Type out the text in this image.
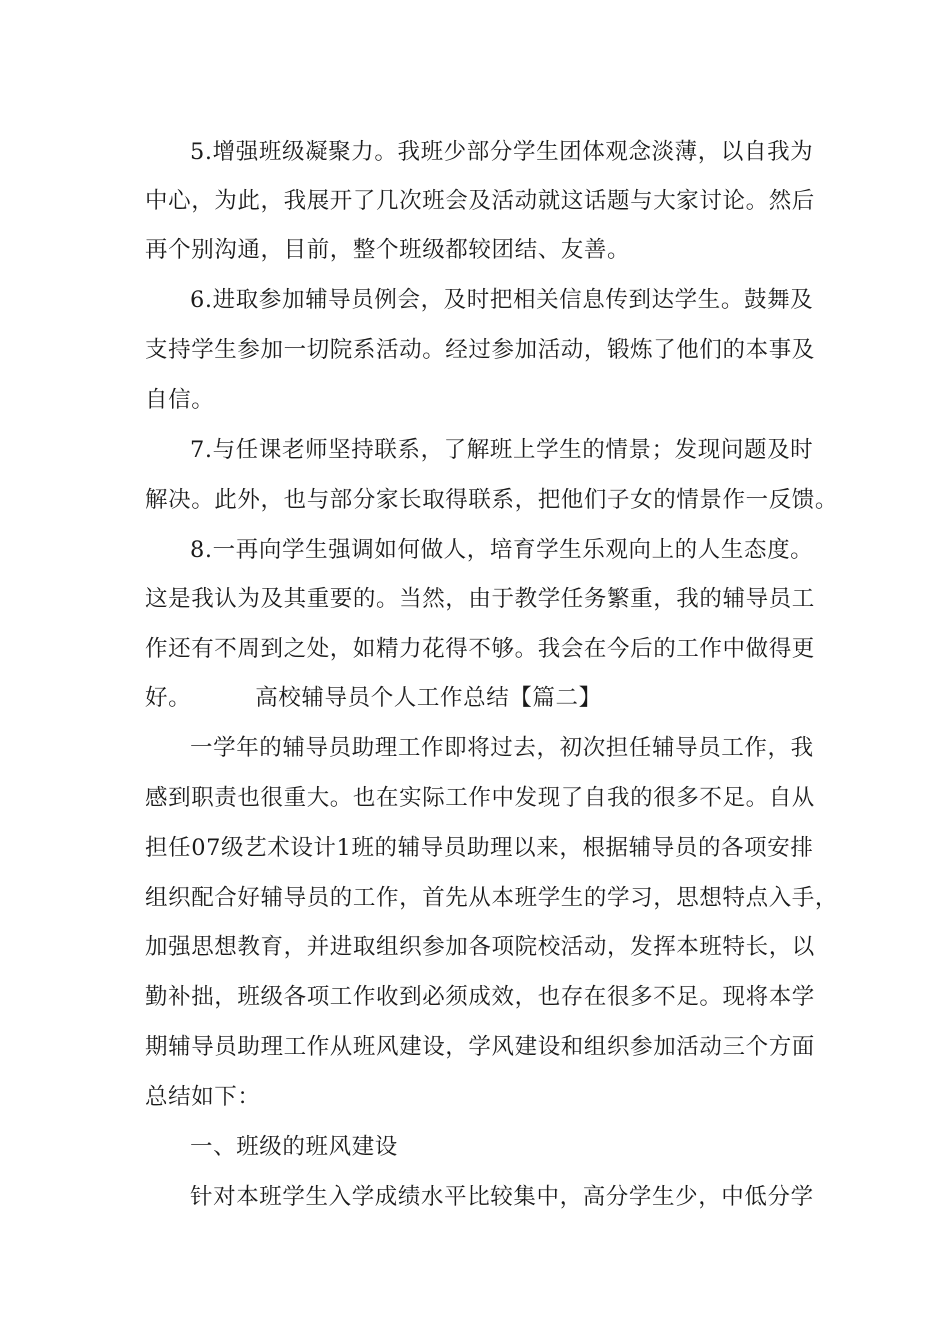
5.增强班级凝聚力。我班少部分学生团体观念淡薄，以自我为
中心，为此，我展开了几次班会及活动就这话题与大家讨论。然后
再个别沟通，目前，整个班级都较团结、友善。
6.进取参加辅导员例会，及时把相关信息传到达学生。鼓舞及
支持学生参加一切院系活动。经过参加活动，锻炼了他们的本事及
自信。
7.与任课老师坚持联系，了解班上学生的情景；发现问题及时
解决。此外，也与部分家长取得联系，把他们子女的情景作一反馈。
8.一再向学生强调如何做人，培育学生乐观向上的人生态度。
这是我认为及其重要的。当然，由于教学任务繁重，我的辅导员工
作还有不周到之处，如精力花得不够。我会在今后的工作中做得更
好。	高校辅导员个人工作总结【篇二】
一学年的辅导员助理工作即将过去，初次担任辅导员工作，我
感到职责也很重大。也在实际工作中发现了自我的很多不足。自从
担任07级艺术设计1班的辅导员助理以来，根据辅导员的各项安排
组织配合好辅导员的工作，首先从本班学生的学习，思想特点入手，
加强思想教育，并进取组织参加各项院校活动，发挥本班特长，以
勤补拙，班级各项工作收到必须成效，也存在很多不足。现将本学
期辅导员助理工作从班风建设，学风建设和组织参加活动三个方面
总结如下：
一、班级的班风建设
针对本班学生入学成绩水平比较集中，高分学生少，中低分学
